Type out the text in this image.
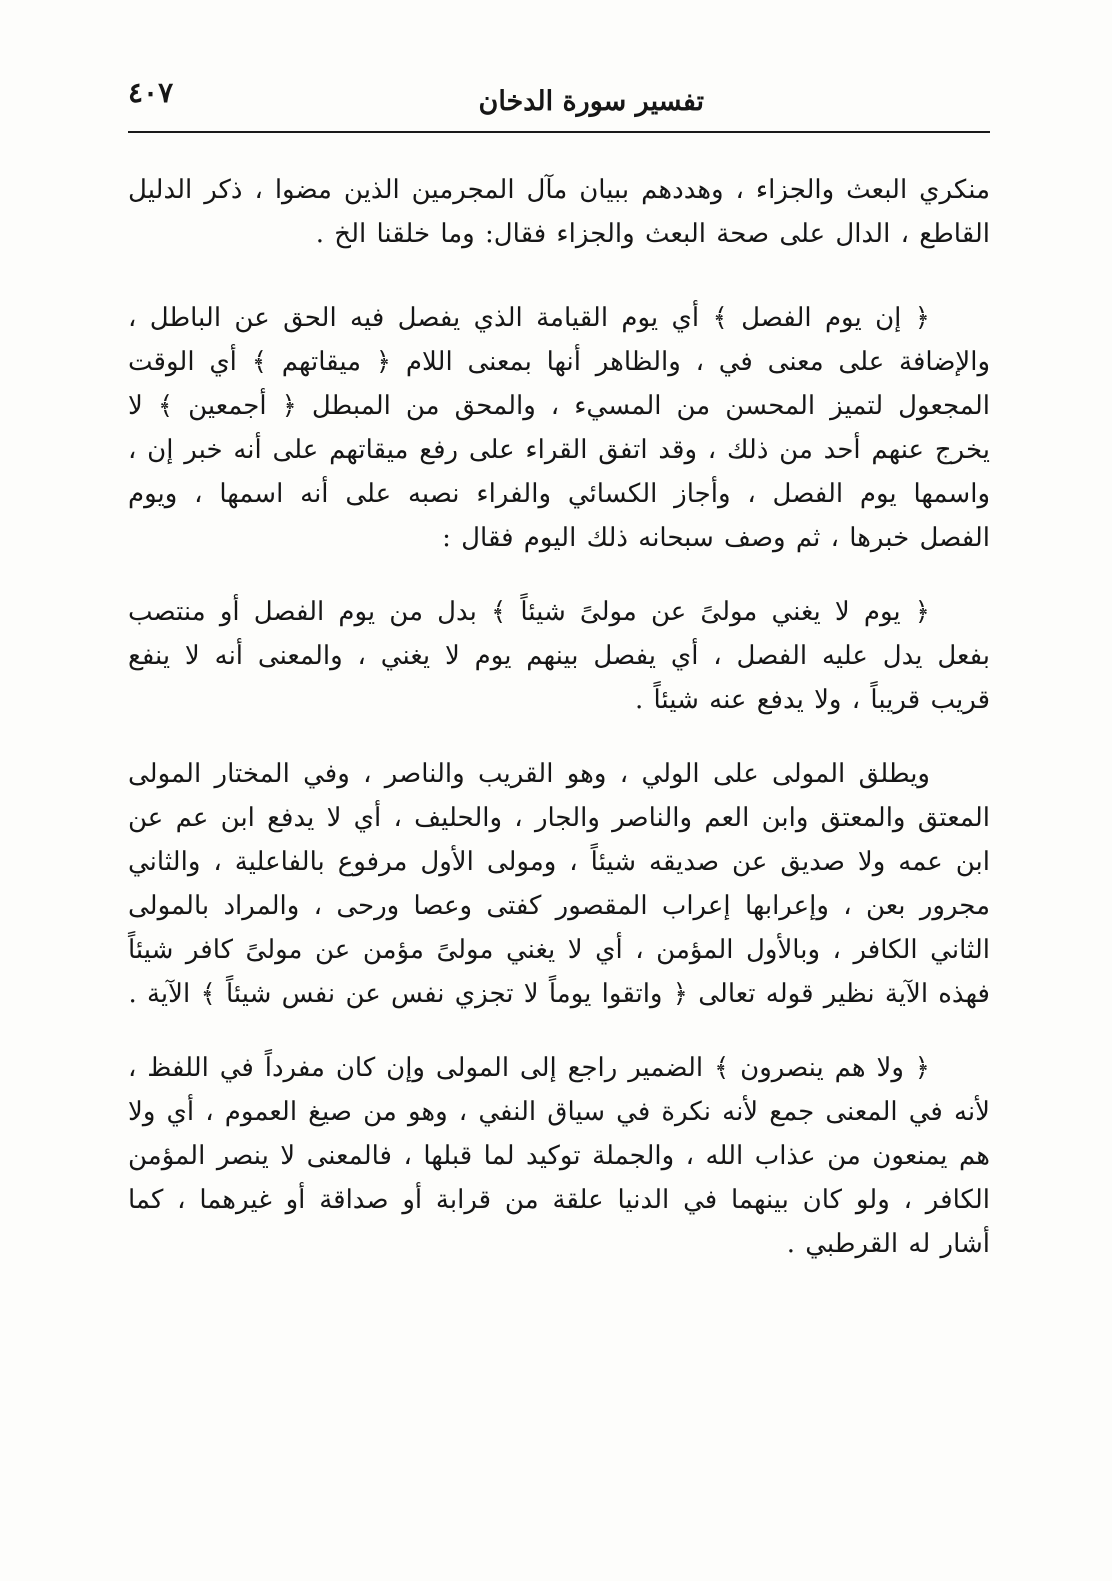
تفسير سورة الدخان
٤٠٧

منكري البعث والجزاء ، وهددهم ببيان مآل المجرمين الذين مضوا ، ذكر الدليل القاطع ، الدال على صحة البعث والجزاء فقال: وما خلقنا الخ .

﴿ إن يوم الفصل ﴾ أي يوم القيامة الذي يفصل فيه الحق عن الباطل ، والإضافة على معنى في ، والظاهر أنها بمعنى اللام ﴿ ميقاتهم ﴾ أي الوقت المجعول لتميز المحسن من المسيء ، والمحق من المبطل ﴿ أجمعين ﴾ لا يخرج عنهم أحد من ذلك ، وقد اتفق القراء على رفع ميقاتهم على أنه خبر إن ، واسمها يوم الفصل ، وأجاز الكسائي والفراء نصبه على أنه اسمها ، ويوم الفصل خبرها ، ثم وصف سبحانه ذلك اليوم فقال :

﴿ يوم لا يغني مولىً عن مولىً شيئاً ﴾ بدل من يوم الفصل أو منتصب بفعل يدل عليه الفصل ، أي يفصل بينهم يوم لا يغني ، والمعنى أنه لا ينفع قريب قريباً ، ولا يدفع عنه شيئاً .

ويطلق المولى على الولي ، وهو القريب والناصر ، وفي المختار المولى المعتق والمعتق وابن العم والناصر والجار ، والحليف ، أي لا يدفع ابن عم عن ابن عمه ولا صديق عن صديقه شيئاً ، ومولى الأول مرفوع بالفاعلية ، والثاني مجرور بعن ، وإعرابها إعراب المقصور كفتى وعصا ورحى ، والمراد بالمولى الثاني الكافر ، وبالأول المؤمن ، أي لا يغني مولىً مؤمن عن مولىً كافر شيئاً فهذه الآية نظير قوله تعالى ﴿ واتقوا يوماً لا تجزي نفس عن نفس شيئاً ﴾ الآية .

﴿ ولا هم ينصرون ﴾ الضمير راجع إلى المولى وإن كان مفرداً في اللفظ ، لأنه في المعنى جمع لأنه نكرة في سياق النفي ، وهو من صيغ العموم ، أي ولا هم يمنعون من عذاب الله ، والجملة توكيد لما قبلها ، فالمعنى لا ينصر المؤمن الكافر ، ولو كان بينهما في الدنيا علقة من قرابة أو صداقة أو غيرهما ، كما أشار له القرطبي .
